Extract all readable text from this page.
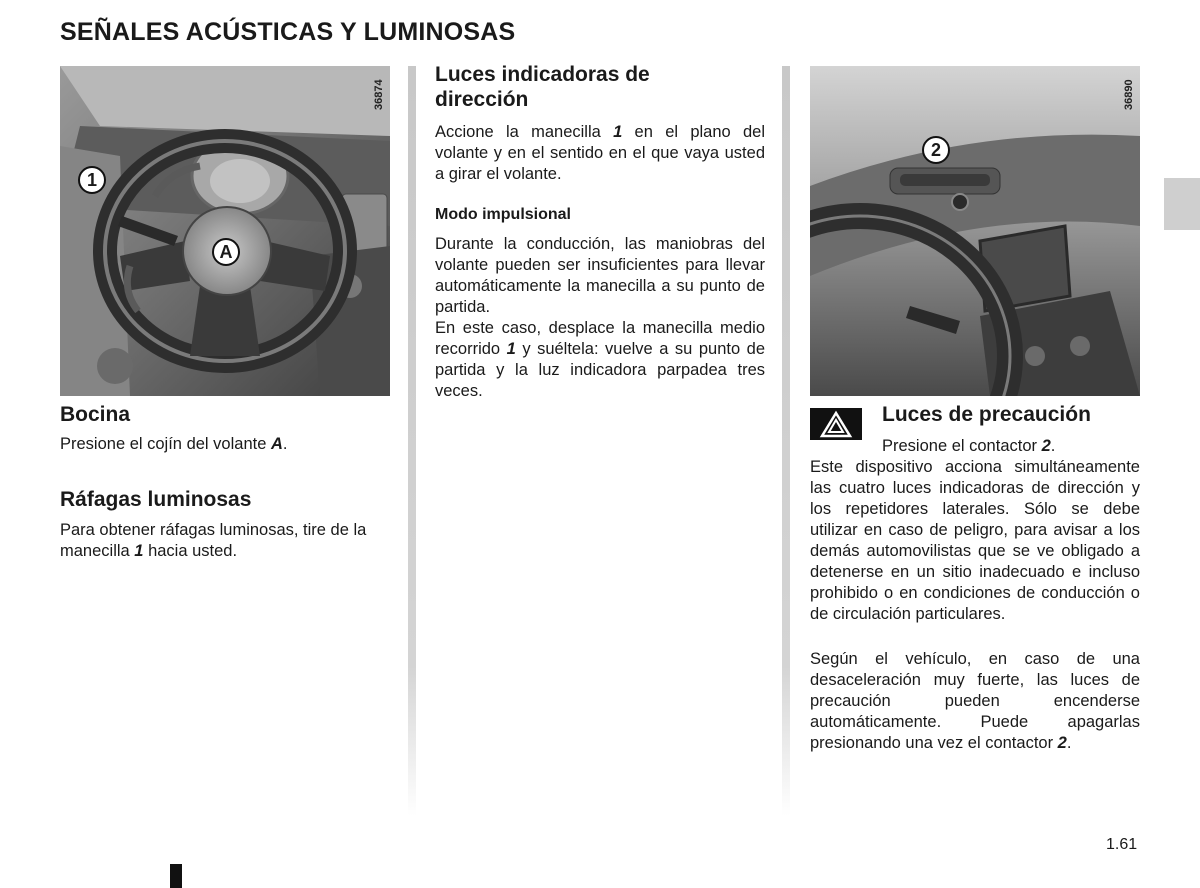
SEÑALES ACÚSTICAS Y LUMINOSAS
36874
1
A
Bocina

Presione el cojín del volante A.

Ráfagas luminosas

Para obtener ráfagas luminosas, tire de la manecilla 1 hacia usted.

Luces indicadoras de dirección

Accione la manecilla 1 en el plano del volante y en el sentido en el que vaya usted a girar el volante.

Modo impulsional

Durante la conducción, las maniobras del volante pueden ser insuficientes para llevar automáticamente la manecilla a su punto de partida.

En este caso, desplace la manecilla medio recorrido 1 y suéltela: vuelve a su punto de partida y la luz indicadora parpadea tres veces.

36890
2
Luces de precaución

Presione el contactor 2.

Este dispositivo acciona simultáneamente las cuatro luces indicadoras de dirección y los repetidores laterales. Sólo se debe utilizar en caso de peligro, para avisar a los demás automovilistas que se ve obligado a detenerse en un sitio inadecuado e incluso prohibido o en condiciones de conducción o de circulación particulares.

Según el vehículo, en caso de una desaceleración muy fuerte, las luces de precaución pueden encenderse automáticamente. Puede apagarlas presionando una vez el contactor 2.

1.61
